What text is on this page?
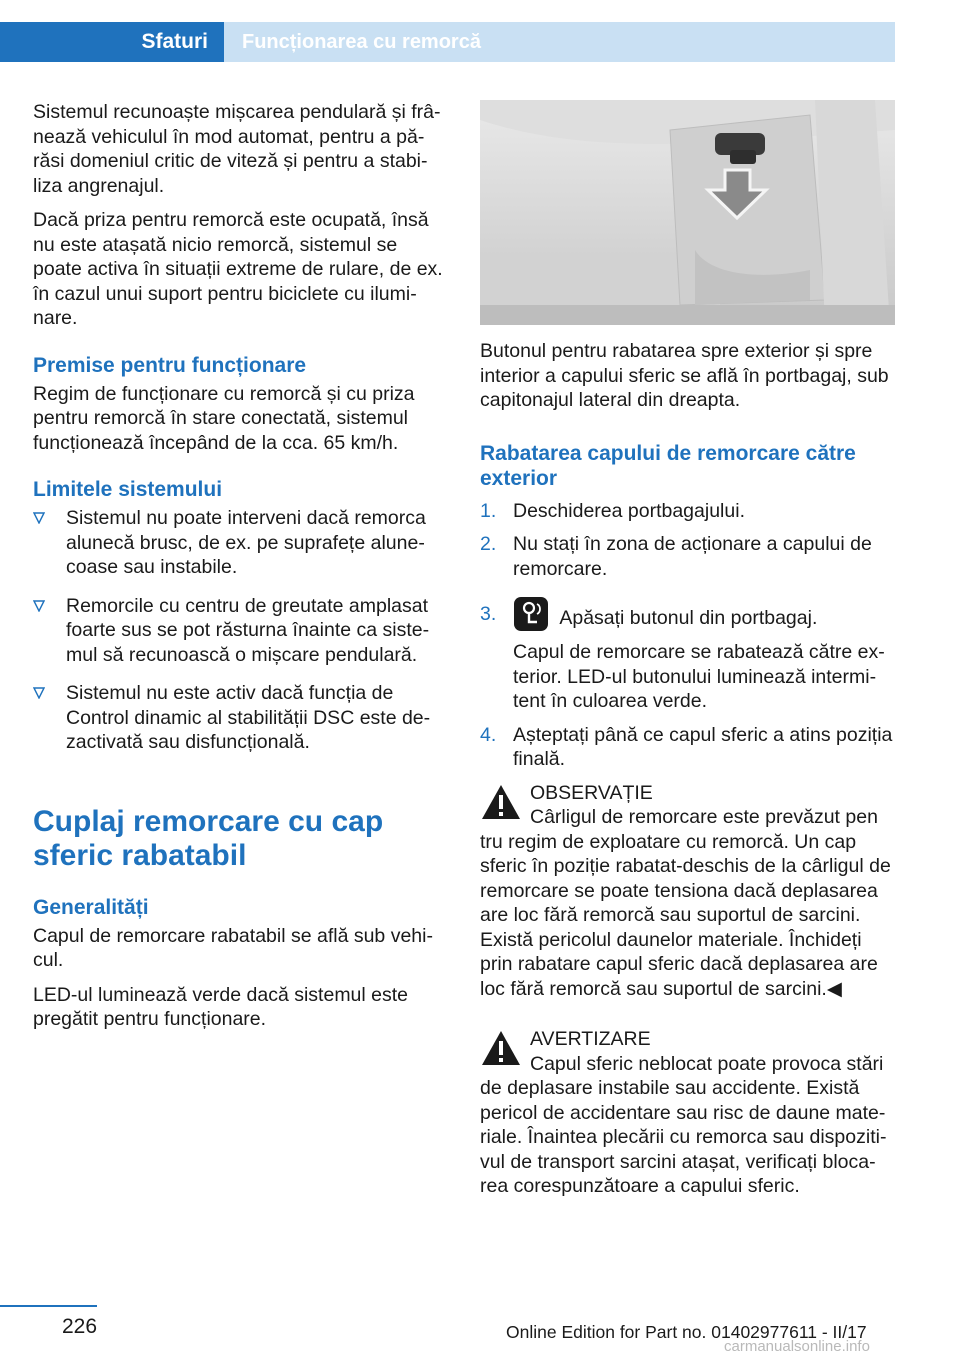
Sfaturi	Funcționarea cu remorcă

Sistemul recunoaște mișcarea pendulară și frânează vehiculul în mod automat, pentru a părăsi domeniul critic de viteză și pentru a stabiliza angrenajul.

Dacă priza pentru remorcă este ocupată, însă nu este atașată nicio remorcă, sistemul se poate activa în situații extreme de rulare, de ex. în cazul unui suport pentru biciclete cu iluminare.

Premise pentru funcționare

Regim de funcționare cu remorcă și cu priza pentru remorcă în stare conectată, sistemul funcționează începând de la cca. 65 km/h.

Limitele sistemului
Sistemul nu poate interveni dacă remorca alunecă brusc, de ex. pe suprafețe alunecoase sau instabile.
Remorcile cu centru de greutate amplasat foarte sus se pot răsturna înainte ca sistemul să recunoască o mișcare pendulară.
Sistemul nu este activ dacă funcția de Control dinamic al stabilității DSC este dezactivată sau disfuncțională.
Cuplaj remorcare cu cap sferic rabatabil
Generalități

Capul de remorcare rabatabil se află sub vehicul.

LED-ul luminează verde dacă sistemul este pregătit pentru funcționare.

Butonul pentru rabatarea spre exterior și spre interior a capului sferic se află în portbagaj, sub capitonajul lateral din dreapta.

Rabatarea capului de remorcare către exterior
1. Deschiderea portbagajului.
2. Nu stați în zona de acționare a capului de remorcare.
3.	Apăsați butonul din portbagaj.
Capul de remorcare se rabatează către exterior. LED-ul butonului luminează intermitent în culoarea verde.
4. Așteptați până ce capul sferic a atins poziția finală.
OBSERVAȚIE
Cârligul de remorcare este prevăzut pen
tru regim de exploatare cu remorcă. Un cap sferic în poziție rabatat-deschis de la cârligul de remorcare se poate tensiona dacă deplasarea are loc fără remorcă sau suportul de sarcini. Există pericolul daunelor materiale. Închideți prin rabatare capul sferic dacă deplasarea are loc fără remorcă sau suportul de sarcini.◀
AVERTIZARE
Capul sferic neblocat poate provoca stări
de deplasare instabile sau accidente. Există pericol de accidentare sau risc de daune materiale. Înaintea plecării cu remorca sau dispozitivul de transport sarcini atașat, verificați blocarea corespunzătoare a capului sferic.
226	Online Edition for Part no. 01402977611 - II/17
carmanualsonline.info
